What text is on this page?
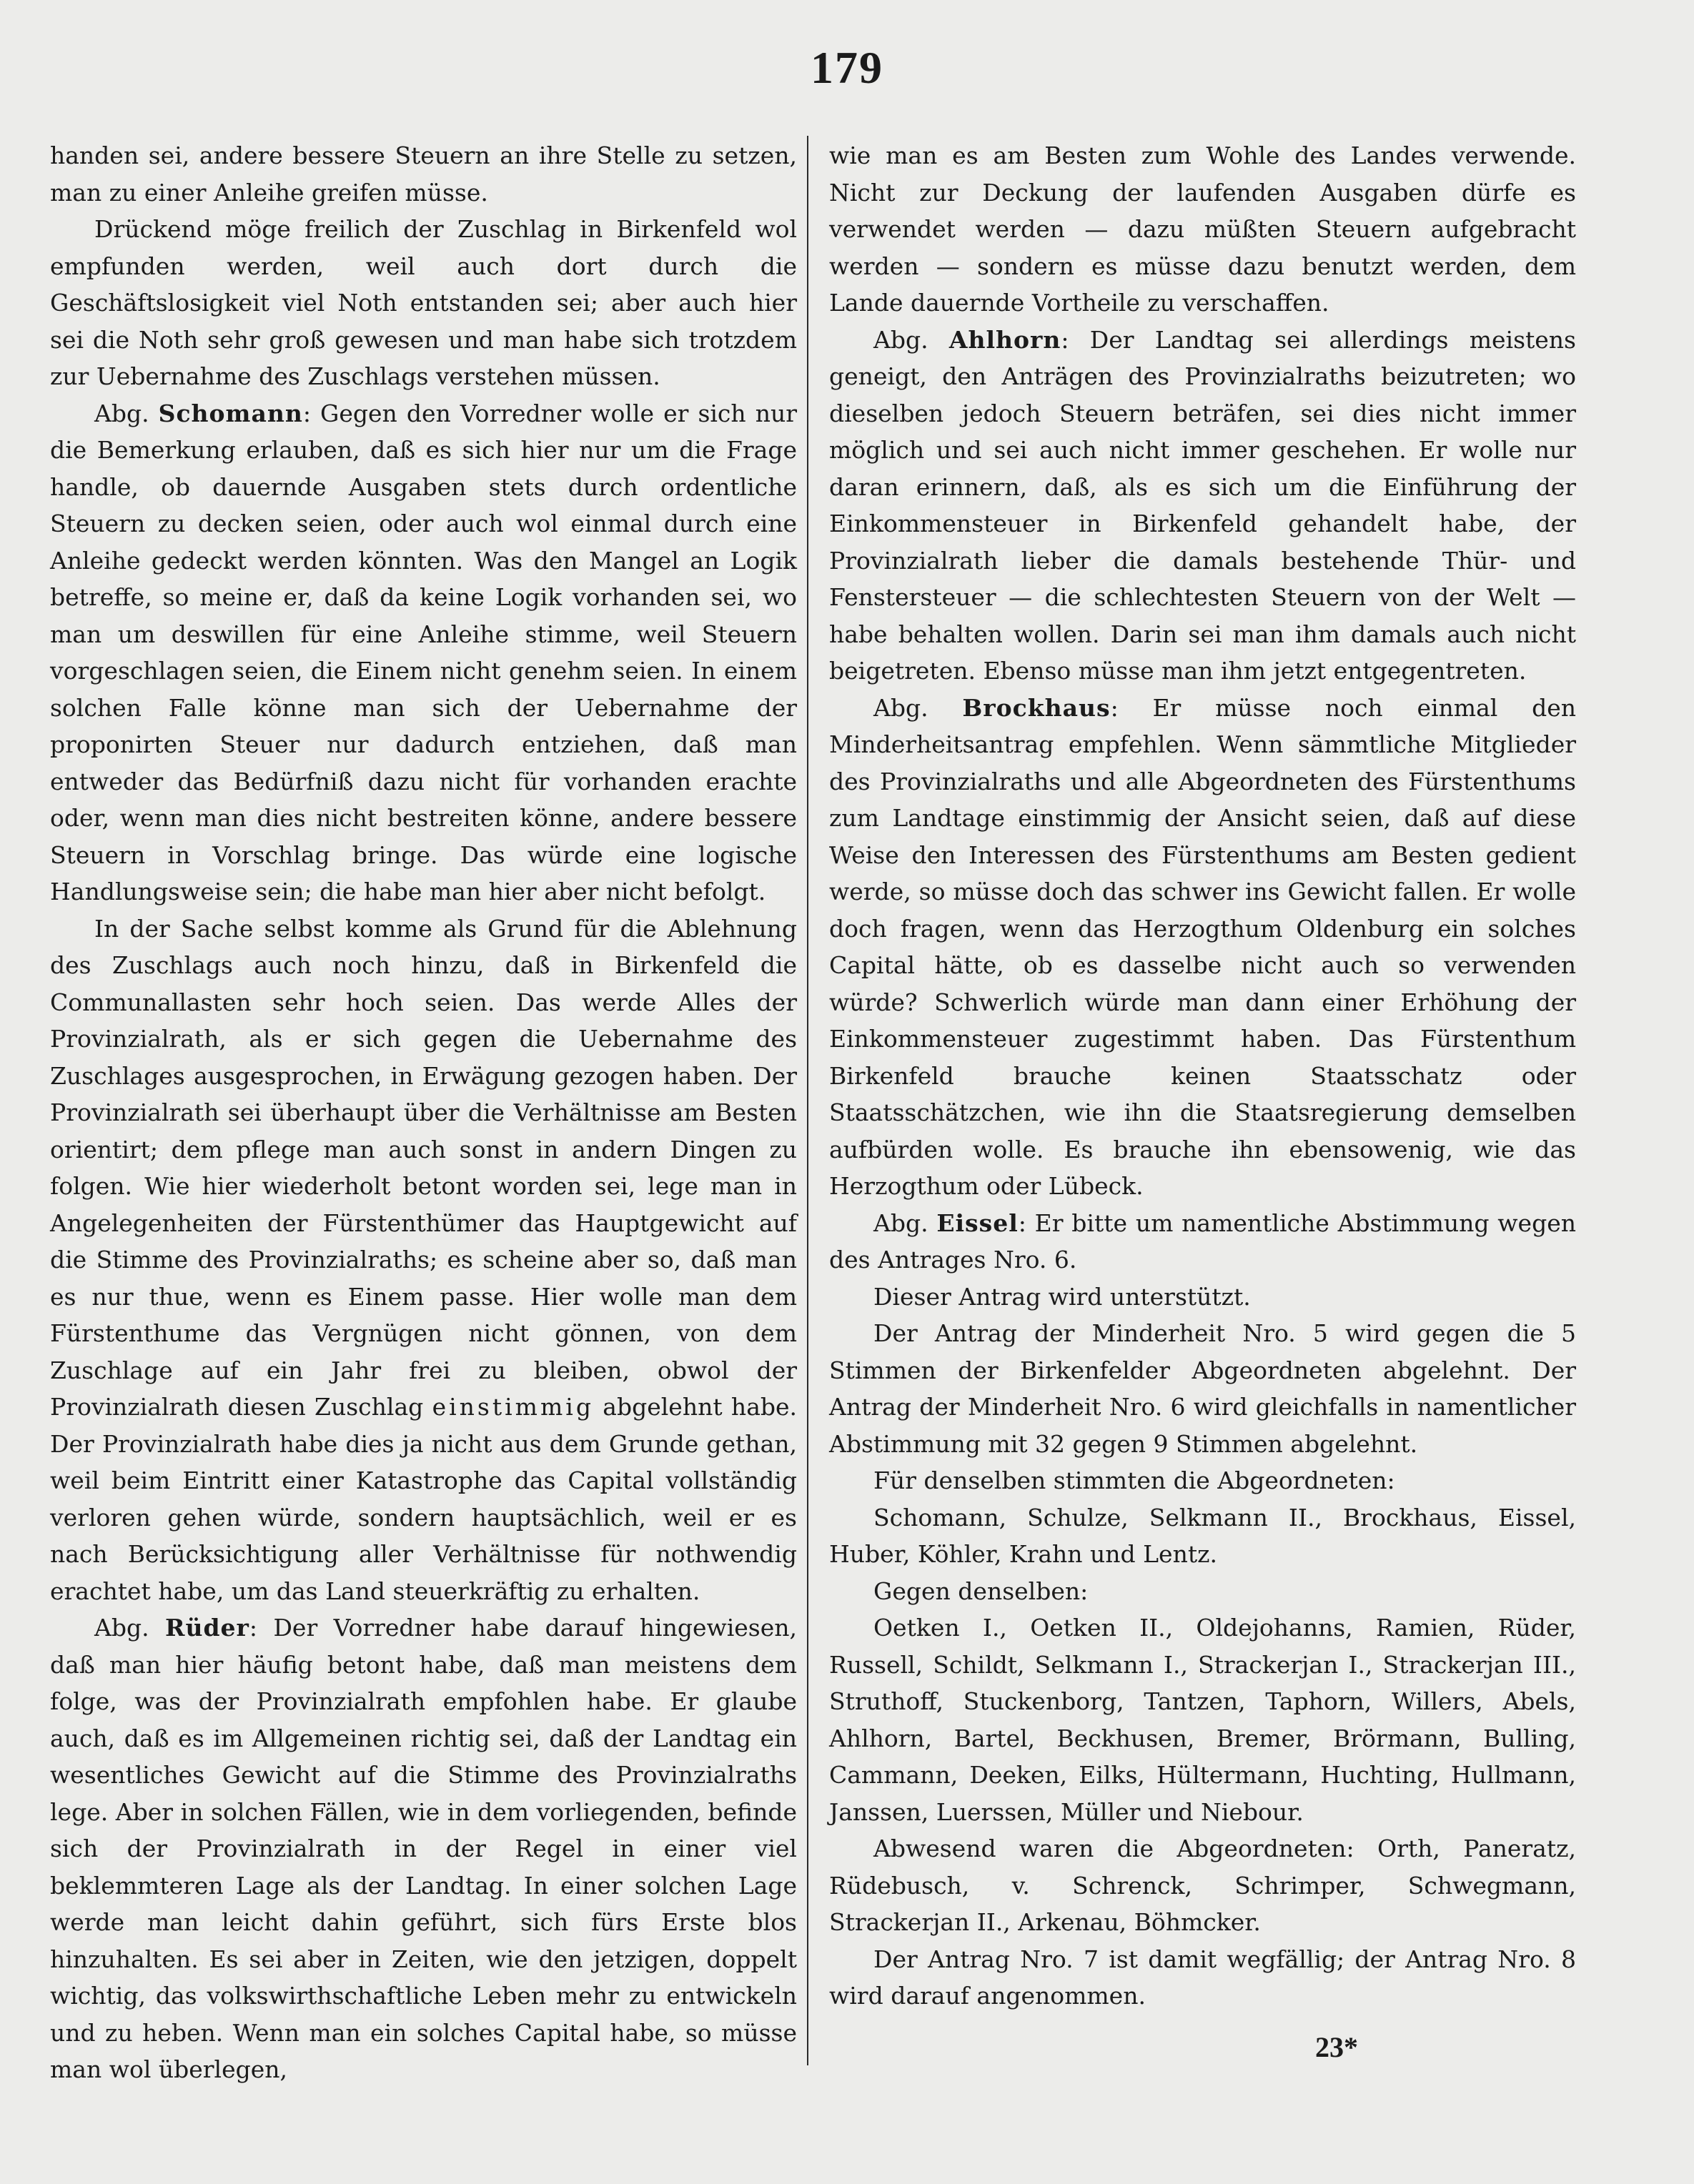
179

handen sei, andere bessere Steuern an ihre Stelle zu setzen, man zu einer Anleihe greifen müsse.

Drückend möge freilich der Zuschlag in Birkenfeld wol empfunden werden, weil auch dort durch die Geschäftslosigkeit viel Noth entstanden sei; aber auch hier sei die Noth sehr groß gewesen und man habe sich trotzdem zur Uebernahme des Zuschlags verstehen müssen.

Abg. Schomann: Gegen den Vorredner wolle er sich nur die Bemerkung erlauben, daß es sich hier nur um die Frage handle, ob dauernde Ausgaben stets durch ordentliche Steuern zu decken seien, oder auch wol einmal durch eine Anleihe gedeckt werden könnten. Was den Mangel an Logik betreffe, so meine er, daß da keine Logik vorhanden sei, wo man um deswillen für eine Anleihe stimme, weil Steuern vorgeschlagen seien, die Einem nicht genehm seien. In einem solchen Falle könne man sich der Uebernahme der proponirten Steuer nur dadurch entziehen, daß man entweder das Bedürfniß dazu nicht für vorhanden erachte oder, wenn man dies nicht bestreiten könne, andere bessere Steuern in Vorschlag bringe. Das würde eine logische Handlungsweise sein; die habe man hier aber nicht befolgt.

In der Sache selbst komme als Grund für die Ablehnung des Zuschlags auch noch hinzu, daß in Birkenfeld die Communallasten sehr hoch seien. Das werde Alles der Provinzialrath, als er sich gegen die Uebernahme des Zuschlages ausgesprochen, in Erwägung gezogen haben. Der Provinzialrath sei überhaupt über die Verhältnisse am Besten orientirt; dem pflege man auch sonst in andern Dingen zu folgen. Wie hier wiederholt betont worden sei, lege man in Angelegenheiten der Fürstenthümer das Hauptgewicht auf die Stimme des Provinzialraths; es scheine aber so, daß man es nur thue, wenn es Einem passe. Hier wolle man dem Fürstenthume das Vergnügen nicht gönnen, von dem Zuschlage auf ein Jahr frei zu bleiben, obwol der Provinzialrath diesen Zuschlag einstimmig abgelehnt habe. Der Provinzialrath habe dies ja nicht aus dem Grunde gethan, weil beim Eintritt einer Katastrophe das Capital vollständig verloren gehen würde, sondern hauptsächlich, weil er es nach Berücksichtigung aller Verhältnisse für nothwendig erachtet habe, um das Land steuerkräftig zu erhalten.

Abg. Rüder: Der Vorredner habe darauf hingewiesen, daß man hier häufig betont habe, daß man meistens dem folge, was der Provinzialrath empfohlen habe. Er glaube auch, daß es im Allgemeinen richtig sei, daß der Landtag ein wesentliches Gewicht auf die Stimme des Provinzialraths lege. Aber in solchen Fällen, wie in dem vorliegenden, befinde sich der Provinzialrath in der Regel in einer viel beklemmteren Lage als der Landtag. In einer solchen Lage werde man leicht dahin geführt, sich fürs Erste blos hinzuhalten. Es sei aber in Zeiten, wie den jetzigen, doppelt wichtig, das volkswirthschaftliche Leben mehr zu entwickeln und zu heben. Wenn man ein solches Capital habe, so müsse man wol überlegen,

wie man es am Besten zum Wohle des Landes verwende. Nicht zur Deckung der laufenden Ausgaben dürfe es verwendet werden — dazu müßten Steuern aufgebracht werden — sondern es müsse dazu benutzt werden, dem Lande dauernde Vortheile zu verschaffen.

Abg. Ahlhorn: Der Landtag sei allerdings meistens geneigt, den Anträgen des Provinzialraths beizutreten; wo dieselben jedoch Steuern beträfen, sei dies nicht immer möglich und sei auch nicht immer geschehen. Er wolle nur daran erinnern, daß, als es sich um die Einführung der Einkommensteuer in Birkenfeld gehandelt habe, der Provinzialrath lieber die damals bestehende Thür- und Fenstersteuer — die schlechtesten Steuern von der Welt — habe behalten wollen. Darin sei man ihm damals auch nicht beigetreten. Ebenso müsse man ihm jetzt entgegentreten.

Abg. Brockhaus: Er müsse noch einmal den Minderheitsantrag empfehlen. Wenn sämmtliche Mitglieder des Provinzialraths und alle Abgeordneten des Fürstenthums zum Landtage einstimmig der Ansicht seien, daß auf diese Weise den Interessen des Fürstenthums am Besten gedient werde, so müsse doch das schwer ins Gewicht fallen. Er wolle doch fragen, wenn das Herzogthum Oldenburg ein solches Capital hätte, ob es dasselbe nicht auch so verwenden würde? Schwerlich würde man dann einer Erhöhung der Einkommensteuer zugestimmt haben. Das Fürstenthum Birkenfeld brauche keinen Staatsschatz oder Staatsschätzchen, wie ihn die Staatsregierung demselben aufbürden wolle. Es brauche ihn ebensowenig, wie das Herzogthum oder Lübeck.

Abg. Eissel: Er bitte um namentliche Abstimmung wegen des Antrages Nro. 6.

Dieser Antrag wird unterstützt.

Der Antrag der Minderheit Nro. 5 wird gegen die 5 Stimmen der Birkenfelder Abgeordneten abgelehnt. Der Antrag der Minderheit Nro. 6 wird gleichfalls in namentlicher Abstimmung mit 32 gegen 9 Stimmen abgelehnt.

Für denselben stimmten die Abgeordneten:

Schomann, Schulze, Selkmann II., Brockhaus, Eissel, Huber, Köhler, Krahn und Lentz.

Gegen denselben:

Oetken I., Oetken II., Oldejohanns, Ramien, Rüder, Russell, Schildt, Selkmann I., Strackerjan I., Strackerjan III., Struthoff, Stuckenborg, Tantzen, Taphorn, Willers, Abels, Ahlhorn, Bartel, Beckhusen, Bremer, Brörmann, Bulling, Cammann, Deeken, Eilks, Hültermann, Huchting, Hullmann, Janssen, Luerssen, Müller und Niebour.

Abwesend waren die Abgeordneten: Orth, Paneratz, Rüdebusch, v. Schrenck, Schrimper, Schwegmann, Strackerjan II., Arkenau, Böhmcker.

Der Antrag Nro. 7 ist damit wegfällig; der Antrag Nro. 8 wird darauf angenommen.

23*
